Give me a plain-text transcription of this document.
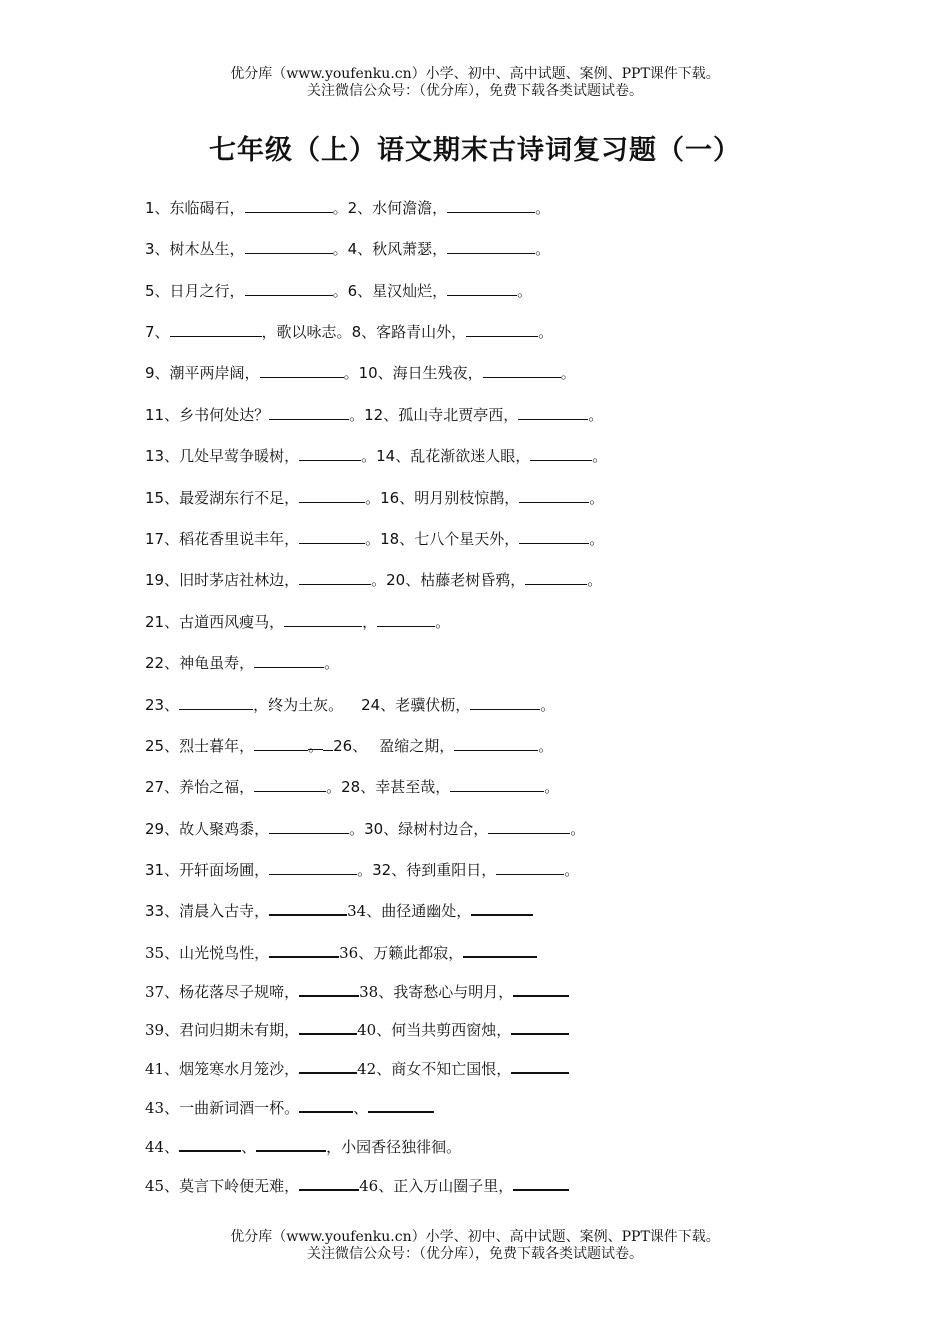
优分库（www.youfenku.cn）小学、初中、高中试题、案例、PPT课件下载。
关注微信公众号：（优分库），免费下载各类试题试卷。
七年级（上）语文期末古诗词复习题（一）
1、东临碣石，	。2、水何澹澹，	。
3、树木丛生，	。4、秋风萧瑟，	。
5、日月之行，	。6、星汉灿烂，	。
7、	，歌以咏志。8、客路青山外，	。
9、潮平两岸阔，	。10、海日生残夜，	。
11、乡书何处达？	。12、孤山寺北贾亭西，	。
13、几处早莺争暖树，	。14、乱花渐欲迷人眼，	。
15、最爱湖东行不足，	。16、明月别枝惊鹊，	。
17、稻花香里说丰年，	。18、七八个星天外，	。
19、旧时茅店社林边，	。20、枯藤老树昏鸦，	。
21、古道西风瘦马，	，	。
22、神龟虽寿，	。
23、	，终为土灰。 24、老骥伏枥，	。
25、烈士暮年，	。 26、 盈缩之期，	。
27、养怡之福，	。28、幸甚至哉，	。
29、故人聚鸡黍，	。30、绿树村边合，	。
31、开轩面场圃，	。32、待到重阳日，	。
33、清晨入古寺，	34、曲径通幽处，
35、山光悦鸟性，	36、万籁此都寂，
37、杨花落尽子规啼，	38、我寄愁心与明月，
39、君问归期未有期，	40、何当共剪西窗烛，
41、烟笼寒水月笼沙，	42、商女不知亡国恨，
43、一曲新词酒一杯。	、
44、	、	，小园香径独徘徊。
45、莫言下岭便无难，	46、正入万山圈子里，
优分库（www.youfenku.cn）小学、初中、高中试题、案例、PPT课件下载。
关注微信公众号：（优分库），免费下载各类试题试卷。
